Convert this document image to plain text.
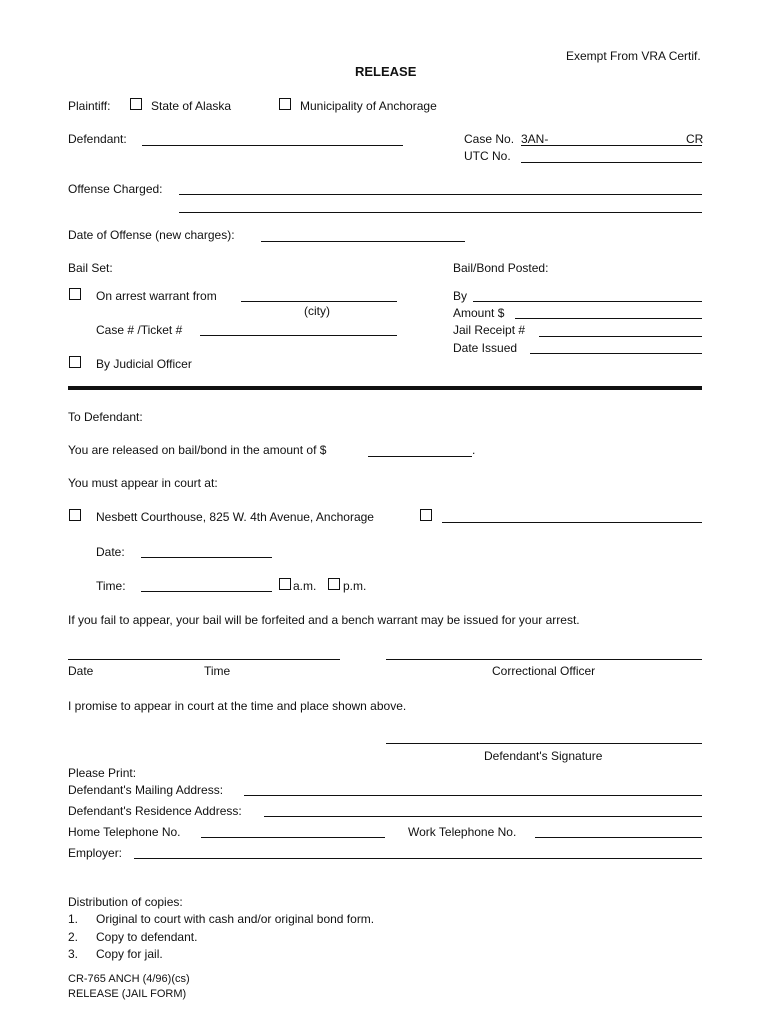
Exempt From VRA Certif.
RELEASE
Plaintiff:	State of Alaska	Municipality of Anchorage
Defendant:	Case No. 3AN-	CR
UTC No.
Offense Charged:
Date of Offense (new charges):
Bail Set:
On arrest warrant from
(city)
Case # /Ticket #
By Judicial Officer
Bail/Bond Posted:
By
Amount $
Jail Receipt #
Date Issued
To Defendant:
You are released on bail/bond in the amount of $	.
You must appear in court at:
Nesbett Courthouse, 825 W. 4th Avenue, Anchorage
Date:
Time:	a.m. p.m.
If you fail to appear, your bail will be forfeited and a bench warrant may be issued for your arrest.
Date	Time	Correctional Officer
I promise to appear in court at the time and place shown above.
Defendant's Signature
Please Print:
Defendant's Mailing Address:
Defendant's Residence Address:
Home Telephone No.	Work Telephone No.
Employer:
Distribution of copies:
1. Original to court with cash and/or original bond form.
2. Copy to defendant.
3. Copy for jail.
CR-765 ANCH (4/96)(cs)
RELEASE (JAIL FORM)
